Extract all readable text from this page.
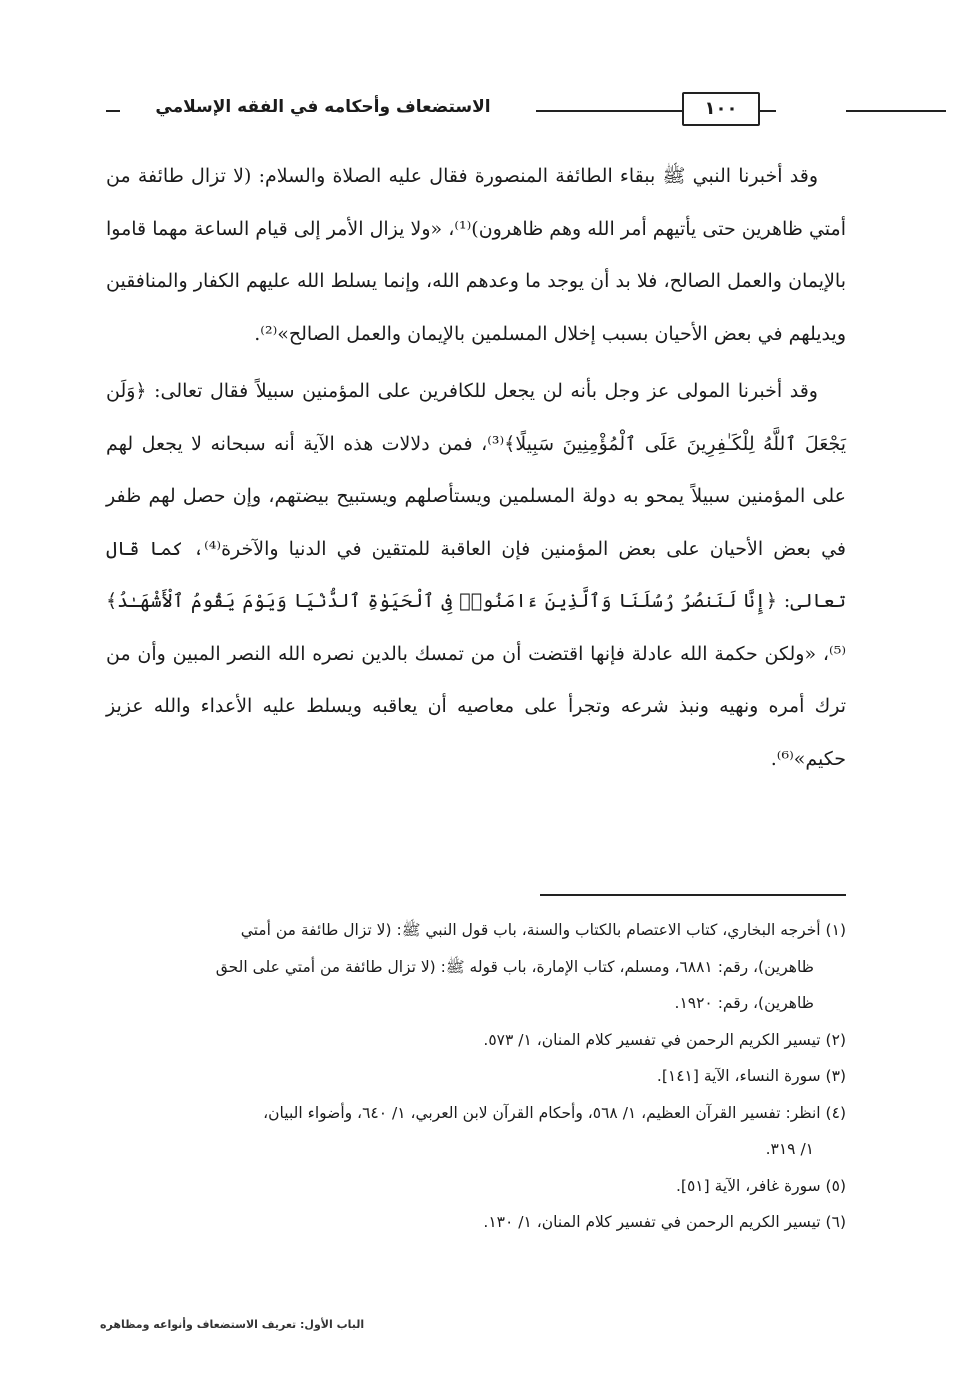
الاستضعاف وأحكامه في الفقه الإسلامي	١٠٠

وقد أخبرنا النبي ﷺ ببقاء الطائفة المنصورة فقال عليه الصلاة والسلام: (لا تزال طائفة من أمتي ظاهرين حتى يأتيهم أمر الله وهم ظاهرون)⁽¹⁾، «ولا يزال الأمر إلى قيام الساعة مهما قاموا بالإيمان والعمل الصالح، فلا بد أن يوجد ما وعدهم الله، وإنما يسلط الله عليهم الكفار والمنافقين ويديلهم في بعض الأحيان بسبب إخلال المسلمين بالإيمان والعمل الصالح»⁽²⁾.

وقد أخبرنا المولى عز وجل بأنه لن يجعل للكافرين على المؤمنين سبيلاً فقال تعالى: ﴿وَلَن يَجْعَلَ ٱللَّهُ لِلْكَـٰفِرِينَ عَلَى ٱلْمُؤْمِنِينَ سَبِيلًا﴾⁽³⁾، فمن دلالات هذه الآية أنه سبحانه لا يجعل لهم على المؤمنين سبيلاً يمحو به دولة المسلمين ويستأصلهم ويستبيح بيضتهم، وإن حصل لهم ظفر في بعض الأحيان على بعض المؤمنين فإن العاقبة للمتقين في الدنيا والآخرة⁽⁴⁾، كما قال تعالى: ﴿إِنَّا لَنَنصُرُ رُسُلَنَا وَٱلَّذِينَ ءَامَنُوا۟ فِى ٱلْحَيَوٰةِ ٱلدُّنْيَا وَيَوْمَ يَقُومُ ٱلْأَشْهَـٰدُ﴾⁽⁵⁾، «ولكن حكمة الله عادلة فإنها اقتضت أن من تمسك بالدين نصره الله النصر المبين وأن من ترك أمره ونهيه ونبذ شرعه وتجرأ على معاصيه أن يعاقبه ويسلط عليه الأعداء والله عزيز حكيم»⁽⁶⁾.

(١) أخرجه البخاري، كتاب الاعتصام بالكتاب والسنة، باب قول النبي ﷺ: (لا تزال طائفة من أمتي
ظاهرين)، رقم: ٦٨٨١، ومسلم، كتاب الإمارة، باب قوله ﷺ: (لا تزال طائفة من أمتي على الحق
ظاهرين)، رقم: ١٩٢٠.
(٢) تيسير الكريم الرحمن في تفسير كلام المنان، ١/ ٥٧٣.
(٣) سورة النساء، الآية [١٤١].
(٤) انظر: تفسير القرآن العظيم، ١/ ٥٦٨، وأحكام القرآن لابن العربي، ١/ ٦٤٠، وأضواء البيان،
١/ ٣١٩.
(٥) سورة غافر، الآية [٥١].
(٦) تيسير الكريم الرحمن في تفسير كلام المنان، ١/ ١٣٠.
الباب الأول: تعريف الاستضعاف وأنواعه ومظاهره
